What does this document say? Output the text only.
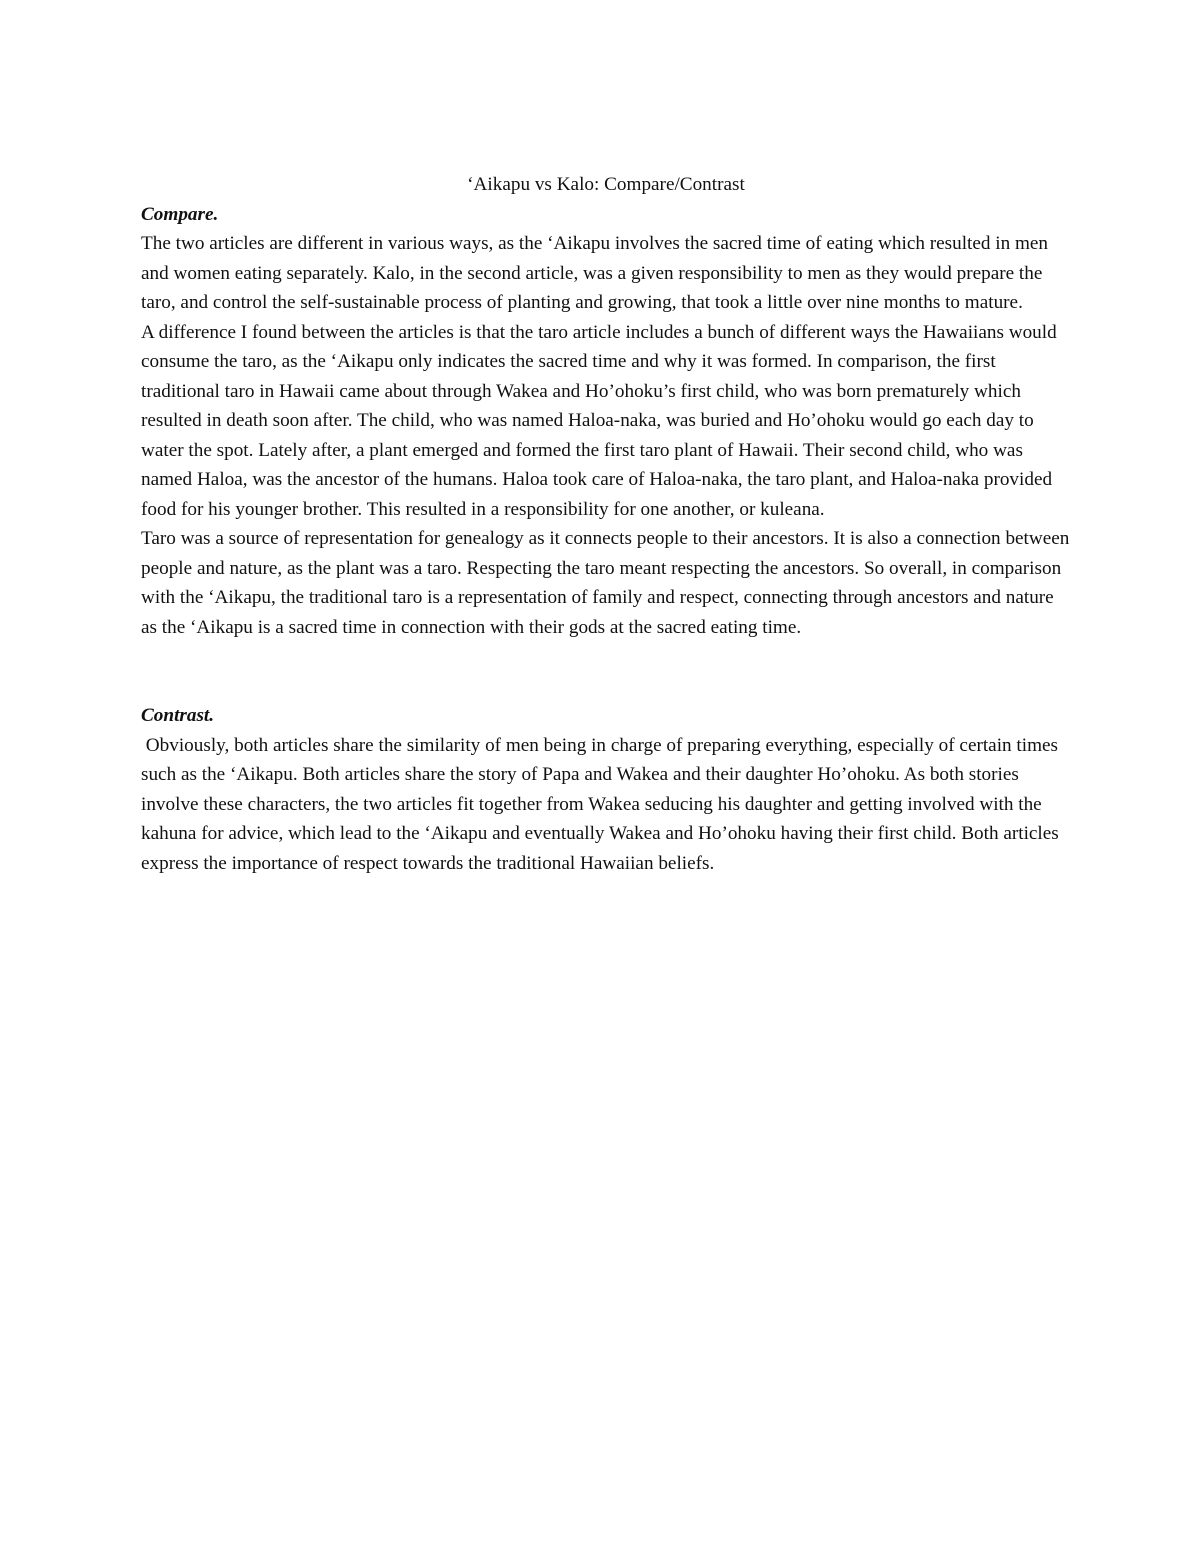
‘Aikapu vs Kalo: Compare/Contrast

Compare.

The two articles are different in various ways, as the ‘Aikapu involves the sacred time of eating which resulted in men and women eating separately. Kalo, in the second article, was a given responsibility to men as they would prepare the taro, and control the self-sustainable process of planting and growing, that took a little over nine months to mature.

A difference I found between the articles is that the taro article includes a bunch of different ways the Hawaiians would consume the taro, as the ‘Aikapu only indicates the sacred time and why it was formed. In comparison, the first traditional taro in Hawaii came about through Wakea and Ho’ohoku’s first child, who was born prematurely which resulted in death soon after. The child, who was named Haloa-naka, was buried and Ho’ohoku would go each day to water the spot. Lately after, a plant emerged and formed the first taro plant of Hawaii. Their second child, who was named Haloa, was the ancestor of the humans. Haloa took care of Haloa-naka, the taro plant, and Haloa-naka provided food for his younger brother. This resulted in a responsibility for one another, or kuleana.

Taro was a source of representation for genealogy as it connects people to their ancestors. It is also a connection between people and nature, as the plant was a taro. Respecting the taro meant respecting the ancestors. So overall, in comparison with the ‘Aikapu, the traditional taro is a representation of family and respect, connecting through ancestors and nature as the ‘Aikapu is a sacred time in connection with their gods at the sacred eating time.

Contrast.

Obviously, both articles share the similarity of men being in charge of preparing everything, especially of certain times such as the ‘Aikapu. Both articles share the story of Papa and Wakea and their daughter Ho’ohoku. As both stories involve these characters, the two articles fit together from Wakea seducing his daughter and getting involved with the kahuna for advice, which lead to the ‘Aikapu and eventually Wakea and Ho’ohoku having their first child. Both articles express the importance of respect towards the traditional Hawaiian beliefs.
